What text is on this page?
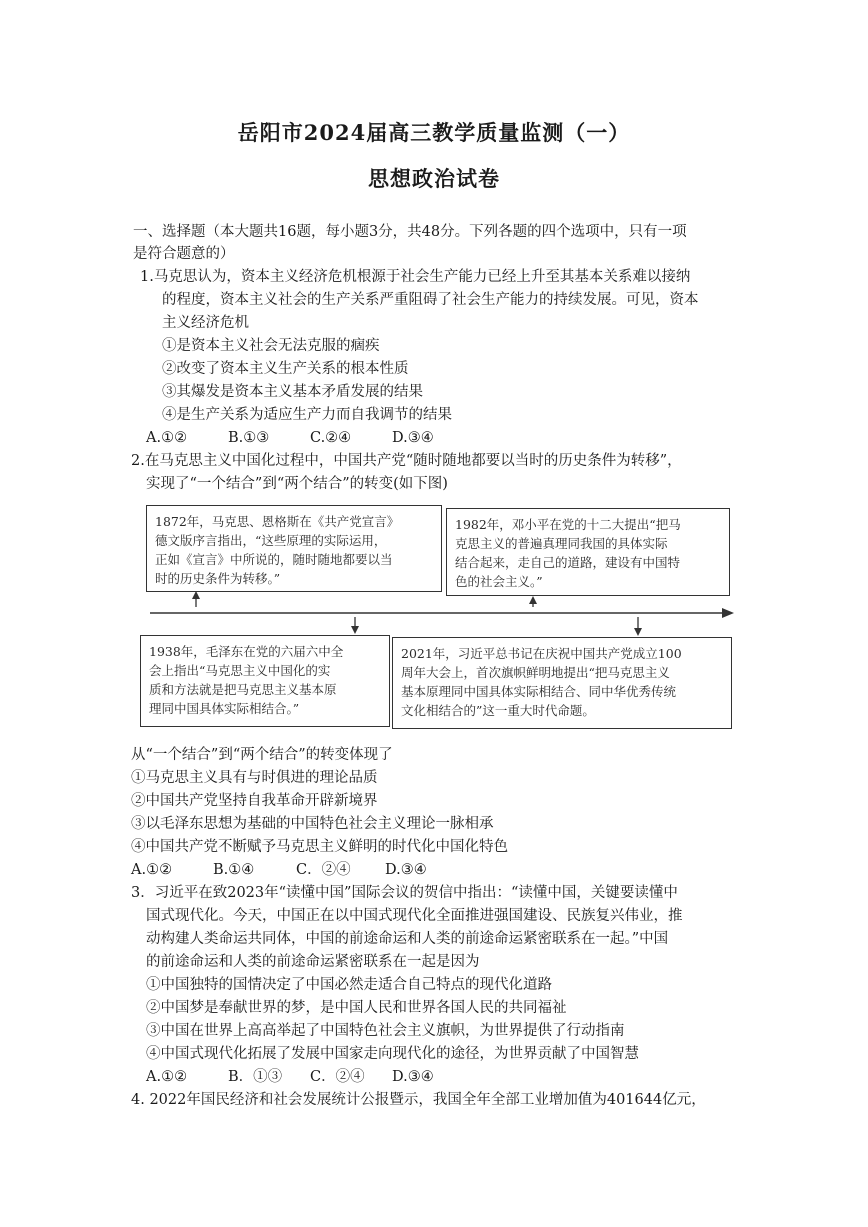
岳阳市2024届高三教学质量监测（一）
思想政治试卷
一、选择题（本大题共16题，每小题3分，共48分。下列各题的四个选项中，只有一项
是符合题意的）
1.马克思认为，资本主义经济危机根源于社会生产能力已经上升至其基本关系难以接纳
的程度，资本主义社会的生产关系严重阻碍了社会生产能力的持续发展。可见，资本
主义经济危机
①是资本主义社会无法克服的痼疾
②改变了资本主义生产关系的根本性质
③其爆发是资本主义基本矛盾发展的结果
④是生产关系为适应生产力而自我调节的结果
A.①②	B.①③	C.②④	D.③④
2.在马克思主义中国化过程中，中国共产党“随时随地都要以当时的历史条件为转移”，
实现了“一个结合”到“两个结合”的转变(如下图)
1872年，马克思、恩格斯在《共产党宣言》
德文版序言指出，“这些原理的实际运用，
正如《宣言》中所说的，随时随地都要以当
时的历史条件为转移。”
1982年，邓小平在党的十二大提出“把马
克思主义的普遍真理同我国的具体实际
结合起来，走自己的道路，建设有中国特
色的社会主义。”
1938年，毛泽东在党的六届六中全
会上指出“马克思主义中国化的实
质和方法就是把马克思主义基本原
理同中国具体实际相结合。”
2021年，习近平总书记在庆祝中国共产党成立100
周年大会上，首次旗帜鲜明地提出“把马克思主义
基本原理同中国具体实际相结合、同中华优秀传统
文化相结合的”这一重大时代命题。
从“一个结合”到“两个结合”的转变体现了
①马克思主义具有与时俱进的理论品质
②中国共产党坚持自我革命开辟新境界
③以毛泽东思想为基础的中国特色社会主义理论一脉相承
④中国共产党不断赋予马克思主义鲜明的时代化中国化特色
A.①②	B.①④	C．②④ D.③④
3．习近平在致2023年“读懂中国”国际会议的贺信中指出：“读懂中国，关键要读懂中
国式现代化。今天，中国正在以中国式现代化全面推进强国建设、民族复兴伟业，推
动构建人类命运共同体，中国的前途命运和人类的前途命运紧密联系在一起。”中国
的前途命运和人类的前途命运紧密联系在一起是因为
①中国独特的国情决定了中国必然走适合自己特点的现代化道路
②中国梦是奉献世界的梦，是中国人民和世界各国人民的共同福祉
③中国在世界上高高举起了中国特色社会主义旗帜，为世界提供了行动指南
④中国式现代化拓展了发展中国家走向现代化的途径，为世界贡献了中国智慧
A.①②	B．①③ C．②④ D.③④
4. 2022年国民经济和社会发展统计公报暨示，我国全年全部工业增加值为401644亿元，
